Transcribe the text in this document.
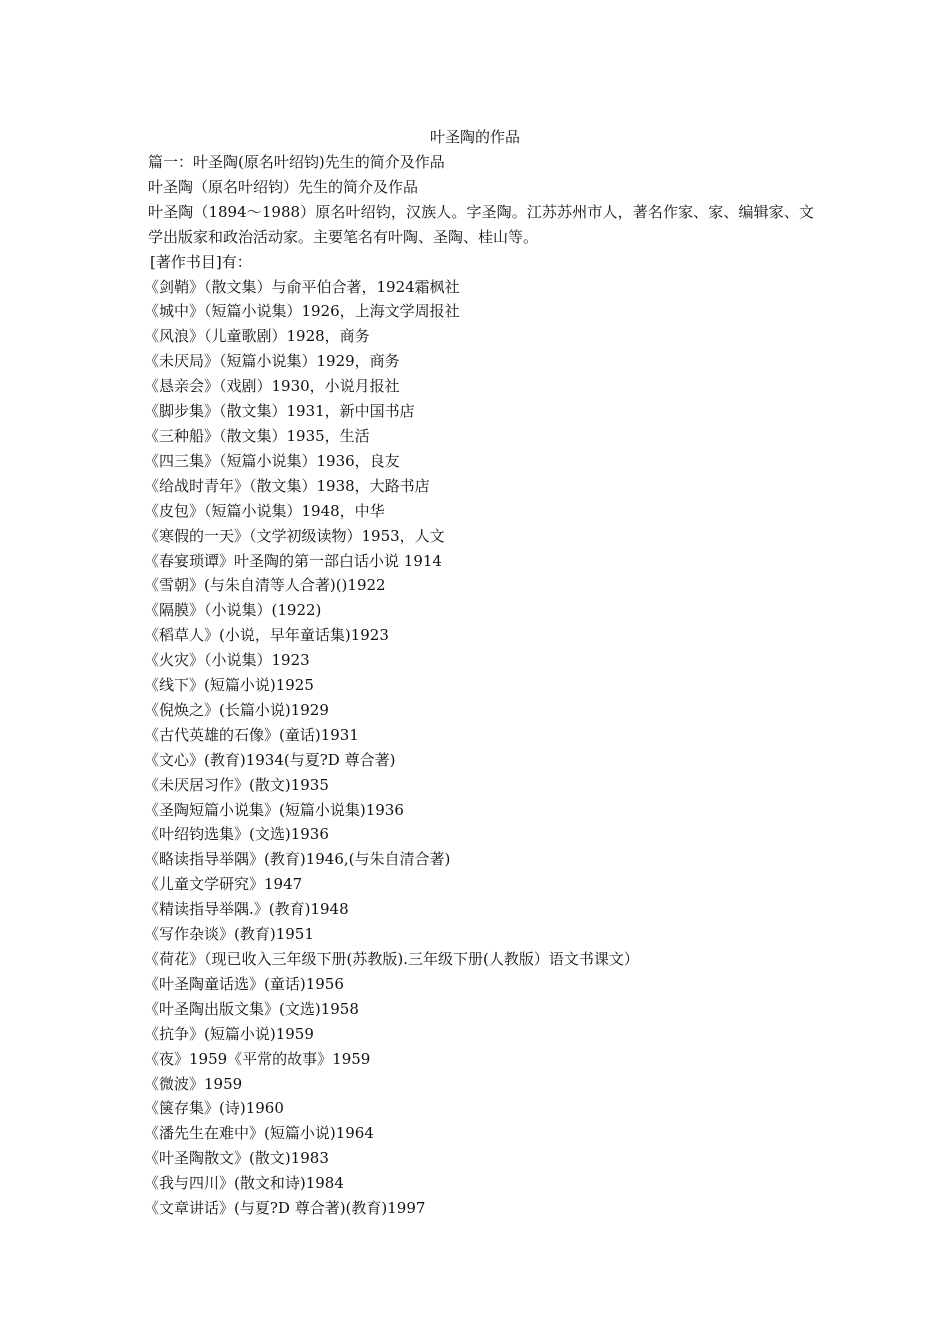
叶圣陶的作品
篇一：叶圣陶(原名叶绍钧)先生的简介及作品
叶圣陶（原名叶绍钧）先生的简介及作品
叶圣陶（1894～1988）原名叶绍钧，汉族人。字圣陶。江苏苏州市人，著名作家、家、编辑家、文学出版家和政治活动家。主要笔名有叶陶、圣陶、桂山等。
[著作书目]有：
《剑鞘》（散文集）与俞平伯合著，1924霜枫社
《城中》（短篇小说集）1926，上海文学周报社
《风浪》（儿童歌剧）1928，商务
《未厌局》（短篇小说集）1929，商务
《恳亲会》（戏剧）1930，小说月报社
《脚步集》（散文集）1931，新中国书店
《三种船》（散文集）1935，生活
《四三集》（短篇小说集）1936，良友
《给战时青年》（散文集）1938，大路书店
《皮包》（短篇小说集）1948，中华
《寒假的一天》（文学初级读物）1953，人文
《春宴琐谭》叶圣陶的第一部白话小说 1914
《雪朝》(与朱自清等人合著)()1922
《隔膜》（小说集）(1922)
《稻草人》(小说，早年童话集)1923
《火灾》（小说集）1923
《线下》(短篇小说)1925
《倪焕之》(长篇小说)1929
《古代英雄的石像》(童话)1931
《文心》(教育)1934(与夏?D 尊合著)
《未厌居习作》(散文)1935
《圣陶短篇小说集》(短篇小说集)1936
《叶绍钧选集》(文选)1936
《略读指导举隅》(教育)1946,(与朱自清合著)
《儿童文学研究》1947
《精读指导举隅.》(教育)1948
《写作杂谈》(教育)1951
《荷花》（现已收入三年级下册(苏教版).三年级下册(人教版）语文书课文）
《叶圣陶童话选》(童话)1956
《叶圣陶出版文集》(文选)1958
《抗争》(短篇小说)1959
《夜》1959《平常的故事》1959
《微波》1959
《箧存集》(诗)1960
《潘先生在难中》(短篇小说)1964
《叶圣陶散文》(散文)1983
《我与四川》(散文和诗)1984
《文章讲话》(与夏?D 尊合著)(教育)1997
